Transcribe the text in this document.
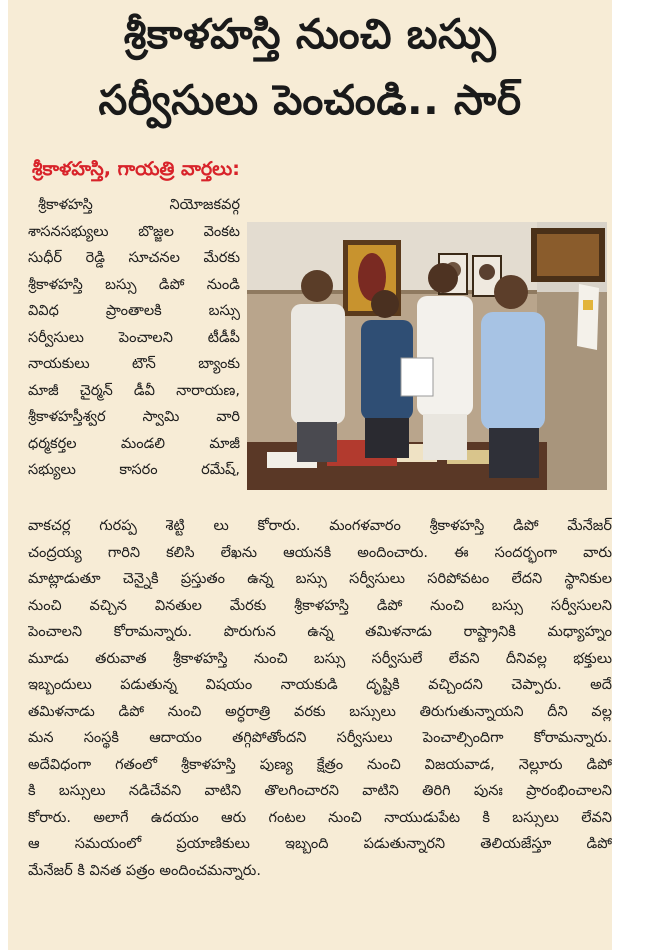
శ్రీకాళహస్తి నుంచి బస్సు
సర్వీసులు పెంచండి.. సార్
శ్రీకాళహస్తి, గాయత్రి వార్తలు:
శ్రీకాళహస్తి నియోజకవర్గ
శాసనసభ్యులు బొజ్జల వెంకట
సుధీర్ రెడ్డి సూచనల మేరకు
శ్రీకాళహస్తి బస్సు డిపో నుండి
వివిధ ప్రాంతాలకి బస్సు
సర్వీసులు పెంచాలని టీడీపీ
నాయకులు టౌన్ బ్యాంకు
మాజీ చైర్మన్ డీవీ నారాయణ,
శ్రీకాళహస్తీశ్వర స్వామి వారి
ధర్మకర్తల మండలి మాజీ
సభ్యులు కాసరం రమేష్,
వాకచర్ల గురప్ప శెట్టి లు కోరారు. మంగళవారం శ్రీకాళహస్తి డిపో మేనేజర్
చంద్రయ్య గారిని కలిసి లేఖను ఆయనకి అందించారు. ఈ సందర్భంగా వారు
మాట్లాడుతూ చెన్నైకి ప్రస్తుతం ఉన్న బస్సు సర్వీసులు సరిపోవటం లేదని స్థానికుల
నుంచి వచ్చిన వినతుల మేరకు శ్రీకాళహస్తి డిపో నుంచి బస్సు సర్వీసులని
పెంచాలని కోరామన్నారు. పొరుగున ఉన్న తమిళనాడు రాష్ట్రానికి మధ్యాహ్నం
మూడు తరువాత శ్రీకాళహస్తి నుంచి బస్సు సర్వీసులే లేవని దీనివల్ల భక్తులు
ఇబ్బందులు పడుతున్న విషయం నాయకుడి దృష్టికి వచ్చిందని చెప్పారు. అదే
తమిళనాడు డిపో నుంచి అర్ధరాత్రి వరకు బస్సులు తిరుగుతున్నాయని దీని వల్ల
మన సంస్థకి ఆదాయం తగ్గిపోతోందని సర్వీసులు పెంచాల్సిందిగా కోరామన్నారు.
అదేవిధంగా గతంలో శ్రీకాళహస్తి పుణ్య క్షేత్రం నుంచి విజయవాడ, నెల్లూరు డిపో
కి బస్సులు నడిచేవని వాటిని తొలగించారని వాటిని తిరిగి పునః ప్రారంభించాలని
కోరారు. అలాగే ఉదయం ఆరు గంటల నుంచి నాయుడుపేట కి బస్సులు లేవని
ఆ సమయంలో ప్రయాణికులు ఇబ్బంది పడుతున్నారని తెలియజేస్తూ డిపో
మేనేజర్ కి వినత పత్రం అందించమన్నారు.
